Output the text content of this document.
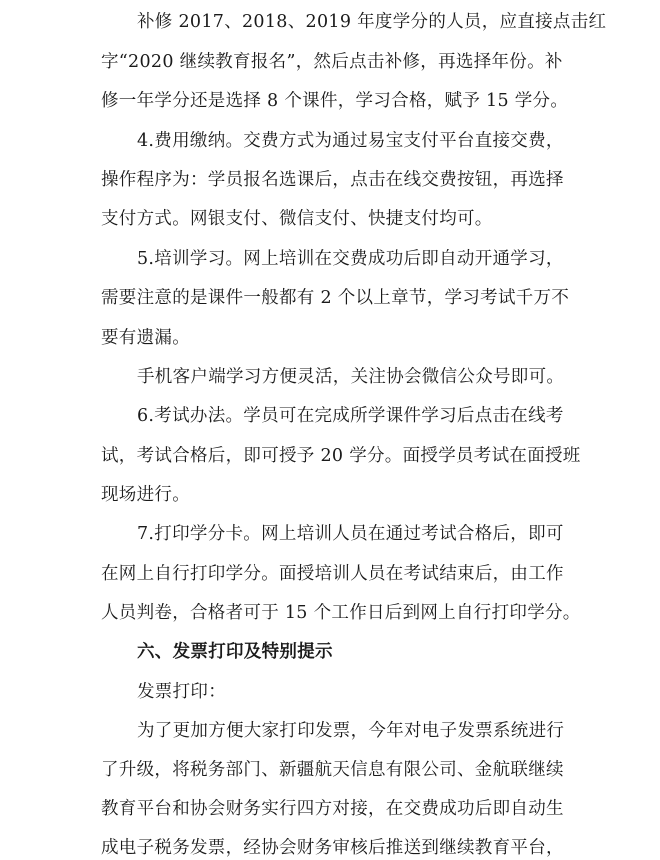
补修 2017、2018、2019 年度学分的人员，应直接点击红
字“2020 继续教育报名”，然后点击补修，再选择年份。补
修一年学分还是选择 8 个课件，学习合格，赋予 15 学分。
4.费用缴纳。交费方式为通过易宝支付平台直接交费，
操作程序为：学员报名选课后，点击在线交费按钮，再选择
支付方式。网银支付、微信支付、快捷支付均可。
5.培训学习。网上培训在交费成功后即自动开通学习，
需要注意的是课件一般都有 2 个以上章节，学习考试千万不
要有遗漏。
手机客户端学习方便灵活，关注协会微信公众号即可。
6.考试办法。学员可在完成所学课件学习后点击在线考
试，考试合格后，即可授予 20 学分。面授学员考试在面授班
现场进行。
7.打印学分卡。网上培训人员在通过考试合格后，即可
在网上自行打印学分。面授培训人员在考试结束后，由工作
人员判卷，合格者可于 15 个工作日后到网上自行打印学分。
六、发票打印及特别提示
发票打印：
为了更加方便大家打印发票，今年对电子发票系统进行
了升级，将税务部门、新疆航天信息有限公司、金航联继续
教育平台和协会财务实行四方对接，在交费成功后即自动生
成电子税务发票，经协会财务审核后推送到继续教育平台，
